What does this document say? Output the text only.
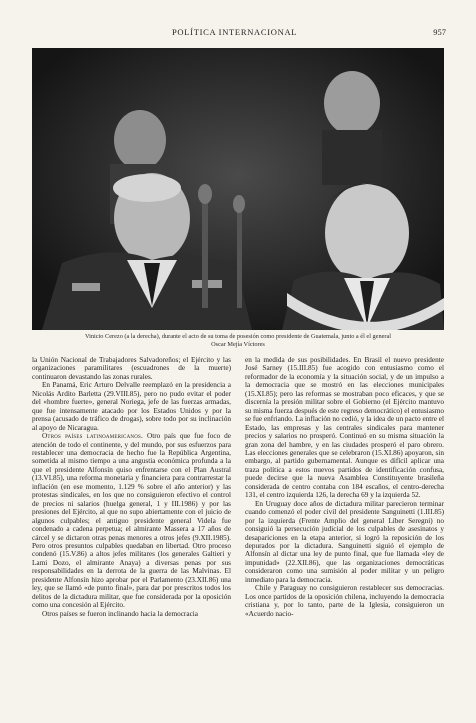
POLÍTICA INTERNACIONAL	957
Vinicio Cerezo (a la derecha), durante el acto de su toma de posesión como presidente de Guatemala, junto a él el general
Oscar Mejía Víctores

la Unión Nacional de Trabajadores Salvadoreños; el Ejército y las organizaciones paramilitares (escuadrones de la muerte) continuaron devastando las zonas rurales.

En Panamá, Eric Arturo Delvalle reemplazó en la presidencia a Nicolás Ardito Barletta (29.VIII.85), pero no pudo evitar el poder del «hombre fuerte», general Noriega, jefe de las fuerzas armadas, que fue intensamente atacado por los Estados Unidos y por la prensa (acusado de tráfico de drogas), sobre todo por su inclinación al apoyo de Nicaragua.

Otros países latinoamericanos. Otro país que fue foco de atención de todo el continente, y del mundo, por sus esfuerzos para restablecer una democracia de hecho fue la República Argentina, sometida al mismo tiempo a una angustia económica profunda a la que el presidente Alfonsín quiso enfrentarse con el Plan Austral (13.VI.85), una reforma monetaria y financiera para contrarrestar la inflación (en ese momento, 1.129 % sobre el año anterior) y las protestas sindicales, en los que no consiguieron efectivo el control de precios ni salarios (huelga general, 1 y III.1986) y por las presiones del Ejército, al que no supo abiertamente con el juicio de algunos culpables; el antiguo presidente general Videla fue condenado a cadena perpetua; el almirante Massera a 17 años de cárcel y se dictaron otras penas menores a otros jefes (9.XII.1985). Pero otros presuntos culpables quedaban en libertad. Otro proceso condenó (15.V.86) a altos jefes militares (los generales Galtieri y Lami Dozo, el almirante Anaya) a diversas penas por sus responsabilidades en la derrota de la guerra de las Malvinas. El presidente Alfonsín hizo aprobar por el Parlamento (23.XII.86) una ley, que se llamó «de punto final», para dar por prescritos todos los delitos de la dictadura militar, que fue considerada por la oposición como una concesión al Ejército.

Otros países se fueron inclinando hacia la democracia

en la medida de sus posibilidades. En Brasil el nuevo presidente José Sarney (15.III.85) fue acogido con entusiasmo como el reformador de la economía y la situación social, y de un impulso a la democracia que se mostró en las elecciones municipales (15.XI.85); pero las reformas se mostraban poco eficaces, y que se discernía la presión militar sobre el Gobierno (el Ejército mantuvo su misma fuerza después de este regreso democrático) el entusiasmo se fue enfriando. La inflación no cedió, y la idea de un pacto entre el Estado, las empresas y las centrales sindicales para mantener precios y salarios no prosperó. Continuó en su misma situación la gran zona del hambre, y en las ciudades prosperó el paro obrero. Las elecciones generales que se celebraron (15.XI.86) apoyaron, sin embargo, al partido gubernamental. Aunque es difícil aplicar una traza política a estos nuevos partidos de identificación confusa, puede decirse que la nueva Asamblea Constituyente brasileña considerada de centro contaba con 184 escaños, el centro-derecha 131, el centro izquierda 126, la derecha 69 y la izquierda 52.

En Uruguay doce años de dictadura militar parecieron terminar cuando comenzó el poder civil del presidente Sanguinetti (1.III.85) por la izquierda (Frente Amplio del general Líber Seregni) no consiguió la persecución judicial de los culpables de asesinatos y desapariciones en la etapa anterior, si logró la reposición de los depurados por la dictadura. Sanguinetti siguió el ejemplo de Alfonsín al dictar una ley de punto final, que fue llamada «ley de impunidad» (22.XII.86), que las organizaciones democráticas consideraron como una sumisión al poder militar y un peligro inmediato para la democracia.

Chile y Paraguay no consiguieron restablecer sus democracias. Los once partidos de la oposición chilena, incluyendo la democracia cristiana y, por lo tanto, parte de la Iglesia, consiguieron un «Acuerdo nacio-
